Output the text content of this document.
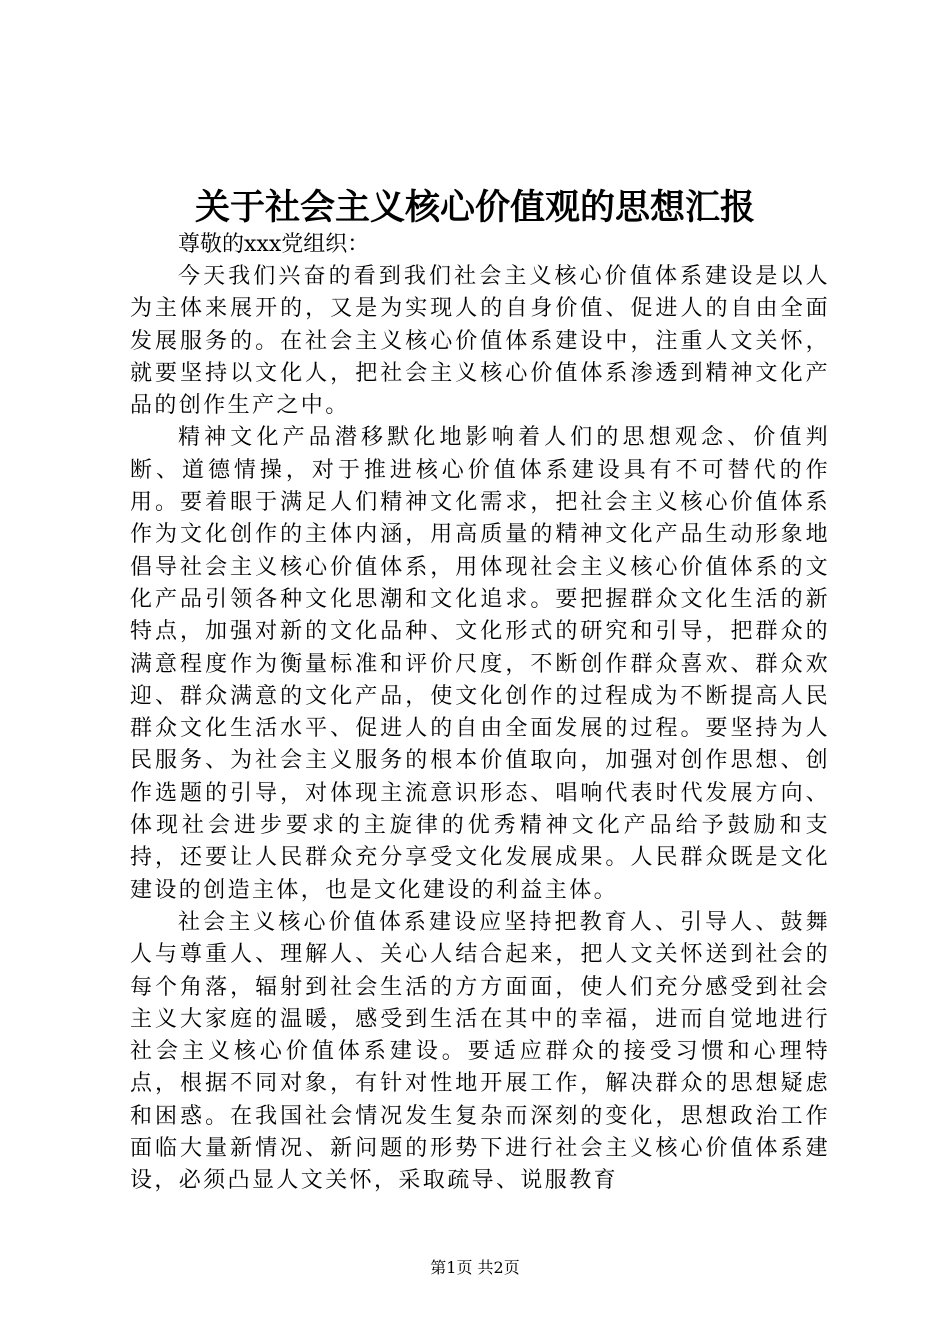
关于社会主义核心价值观的思想汇报

尊敬的xxx党组织：

今天我们兴奋的看到我们社会主义核心价值体系建设是以人为主体来展开的，又是为实现人的自身价值、促进人的自由全面发展服务的。在社会主义核心价值体系建设中，注重人文关怀，就要坚持以文化人，把社会主义核心价值体系渗透到精神文化产品的创作生产之中。

精神文化产品潜移默化地影响着人们的思想观念、价值判断、道德情操，对于推进核心价值体系建设具有不可替代的作用。要着眼于满足人们精神文化需求，把社会主义核心价值体系作为文化创作的主体内涵，用高质量的精神文化产品生动形象地倡导社会主义核心价值体系，用体现社会主义核心价值体系的文化产品引领各种文化思潮和文化追求。要把握群众文化生活的新特点，加强对新的文化品种、文化形式的研究和引导，把群众的满意程度作为衡量标准和评价尺度，不断创作群众喜欢、群众欢迎、群众满意的文化产品，使文化创作的过程成为不断提高人民群众文化生活水平、促进人的自由全面发展的过程。要坚持为人民服务、为社会主义服务的根本价值取向，加强对创作思想、创作选题的引导，对体现主流意识形态、唱响代表时代发展方向、体现社会进步要求的主旋律的优秀精神文化产品给予鼓励和支持，还要让人民群众充分享受文化发展成果。人民群众既是文化建设的创造主体，也是文化建设的利益主体。

社会主义核心价值体系建设应坚持把教育人、引导人、鼓舞人与尊重人、理解人、关心人结合起来，把人文关怀送到社会的每个角落，辐射到社会生活的方方面面，使人们充分感受到社会主义大家庭的温暖，感受到生活在其中的幸福，进而自觉地进行社会主义核心价值体系建设。要适应群众的接受习惯和心理特点，根据不同对象，有针对性地开展工作，解决群众的思想疑虑和困惑。在我国社会情况发生复杂而深刻的变化，思想政治工作面临大量新情况、新问题的形势下进行社会主义核心价值体系建设，必须凸显人文关怀，采取疏导、说服教育

第1页 共2页
